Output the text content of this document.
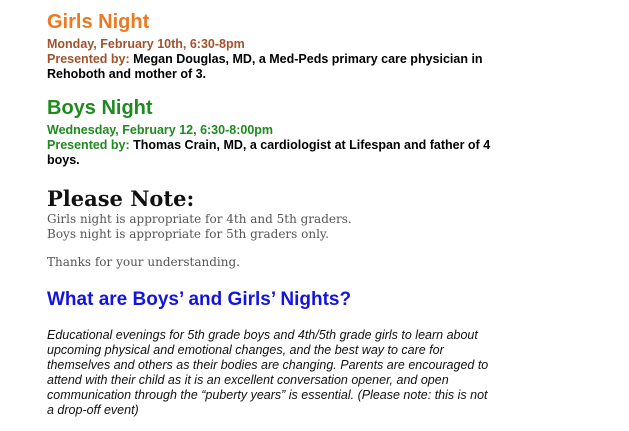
Girls Night
Monday, February 10th, 6:30-8pm
Presented by: Megan Douglas, MD, a Med-Peds primary care physician in Rehoboth and mother of 3.
Boys Night
Wednesday, February 12, 6:30-8:00pm
Presented by: Thomas Crain, MD, a cardiologist at Lifespan and father of 4 boys.
Please Note:
Girls night is appropriate for 4th and 5th graders.
Boys night is appropriate for 5th graders only.
Thanks for your understanding.
What are Boys’ and Girls’ Nights?

Educational evenings for 5th grade boys and 4th/5th grade girls to learn about upcoming physical and emotional changes, and the best way to care for themselves and others as their bodies are changing. Parents are encouraged to attend with their child as it is an excellent conversation opener, and open communication through the “puberty years” is essential. (Please note: this is not a drop-off event)
